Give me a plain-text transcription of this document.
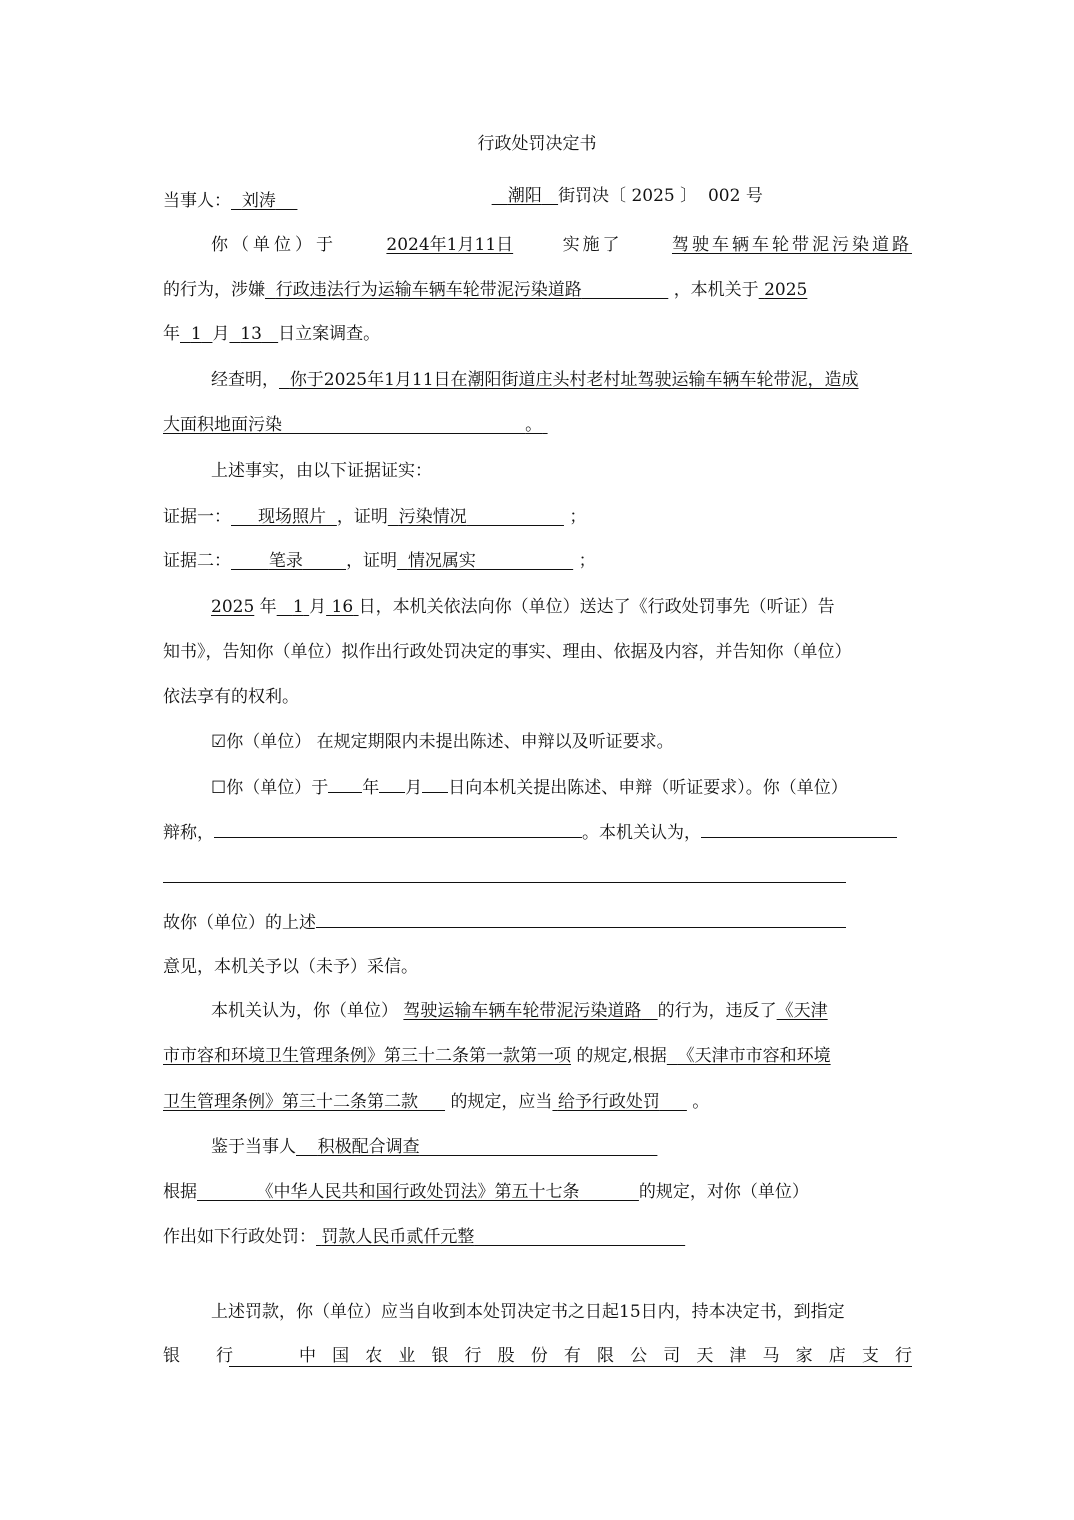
行政处罚决定书

潮阳 街罚决〔 2025 〕 002 号

当事人： 刘涛
你（单位）于	2024年1月11日	实施了	驾驶车辆车轮带泥污染道路
的行为，涉嫌 行政违法行为运输车辆车轮带泥污染道路	，本机关于 2025
年 1 月 13 日立案调查。
经查明， 你于2025年1月11日在潮阳街道庄头村老村址驾驶运输车辆车轮带泥，造成
大面积地面污染	。
上述事实，由以下证据证实：
证据一： 现场照片 ，证明 污染情况	；
证据二： 笔录	，证明 情况属实	；
2025 年 1 月 16 日，本机关依法向你（单位）送达了《行政处罚事先（听证）告
知书》，告知你（单位）拟作出行政处罚决定的事实、理由、依据及内容，并告知你（单位）
依法享有的权利。
☑你（单位） 在规定期限内未提出陈述、申辩以及听证要求。
☐你（单位）于 年 月 日向本机关提出陈述、申辩（听证要求）。你（单位）
辩称，	。本机关认为，
故你（单位）的上述
意见，本机关予以（未予）采信。
本机关认为，你（单位） 驾驶运输车辆车轮带泥污染道路 的行为，违反了《天津
市市容和环境卫生管理条例》第三十二条第一款第一项 的规定,根据 《天津市市容和环境
卫生管理条例》第三十二条第二款 的规定，应当 给予行政处罚 。
鉴于当事人 积极配合调查
根据	《中华人民共和国行政处罚法》第五十七条	的规定，对你（单位）
作出如下行政处罚： 罚款人民币贰仟元整
上述罚款，你（单位）应当自收到本处罚决定书之日起15日内，持本决定书，到指定
银 行	中 国 农 业 银 行 股 份 有 限 公 司 天 津 马 家 店 支 行
